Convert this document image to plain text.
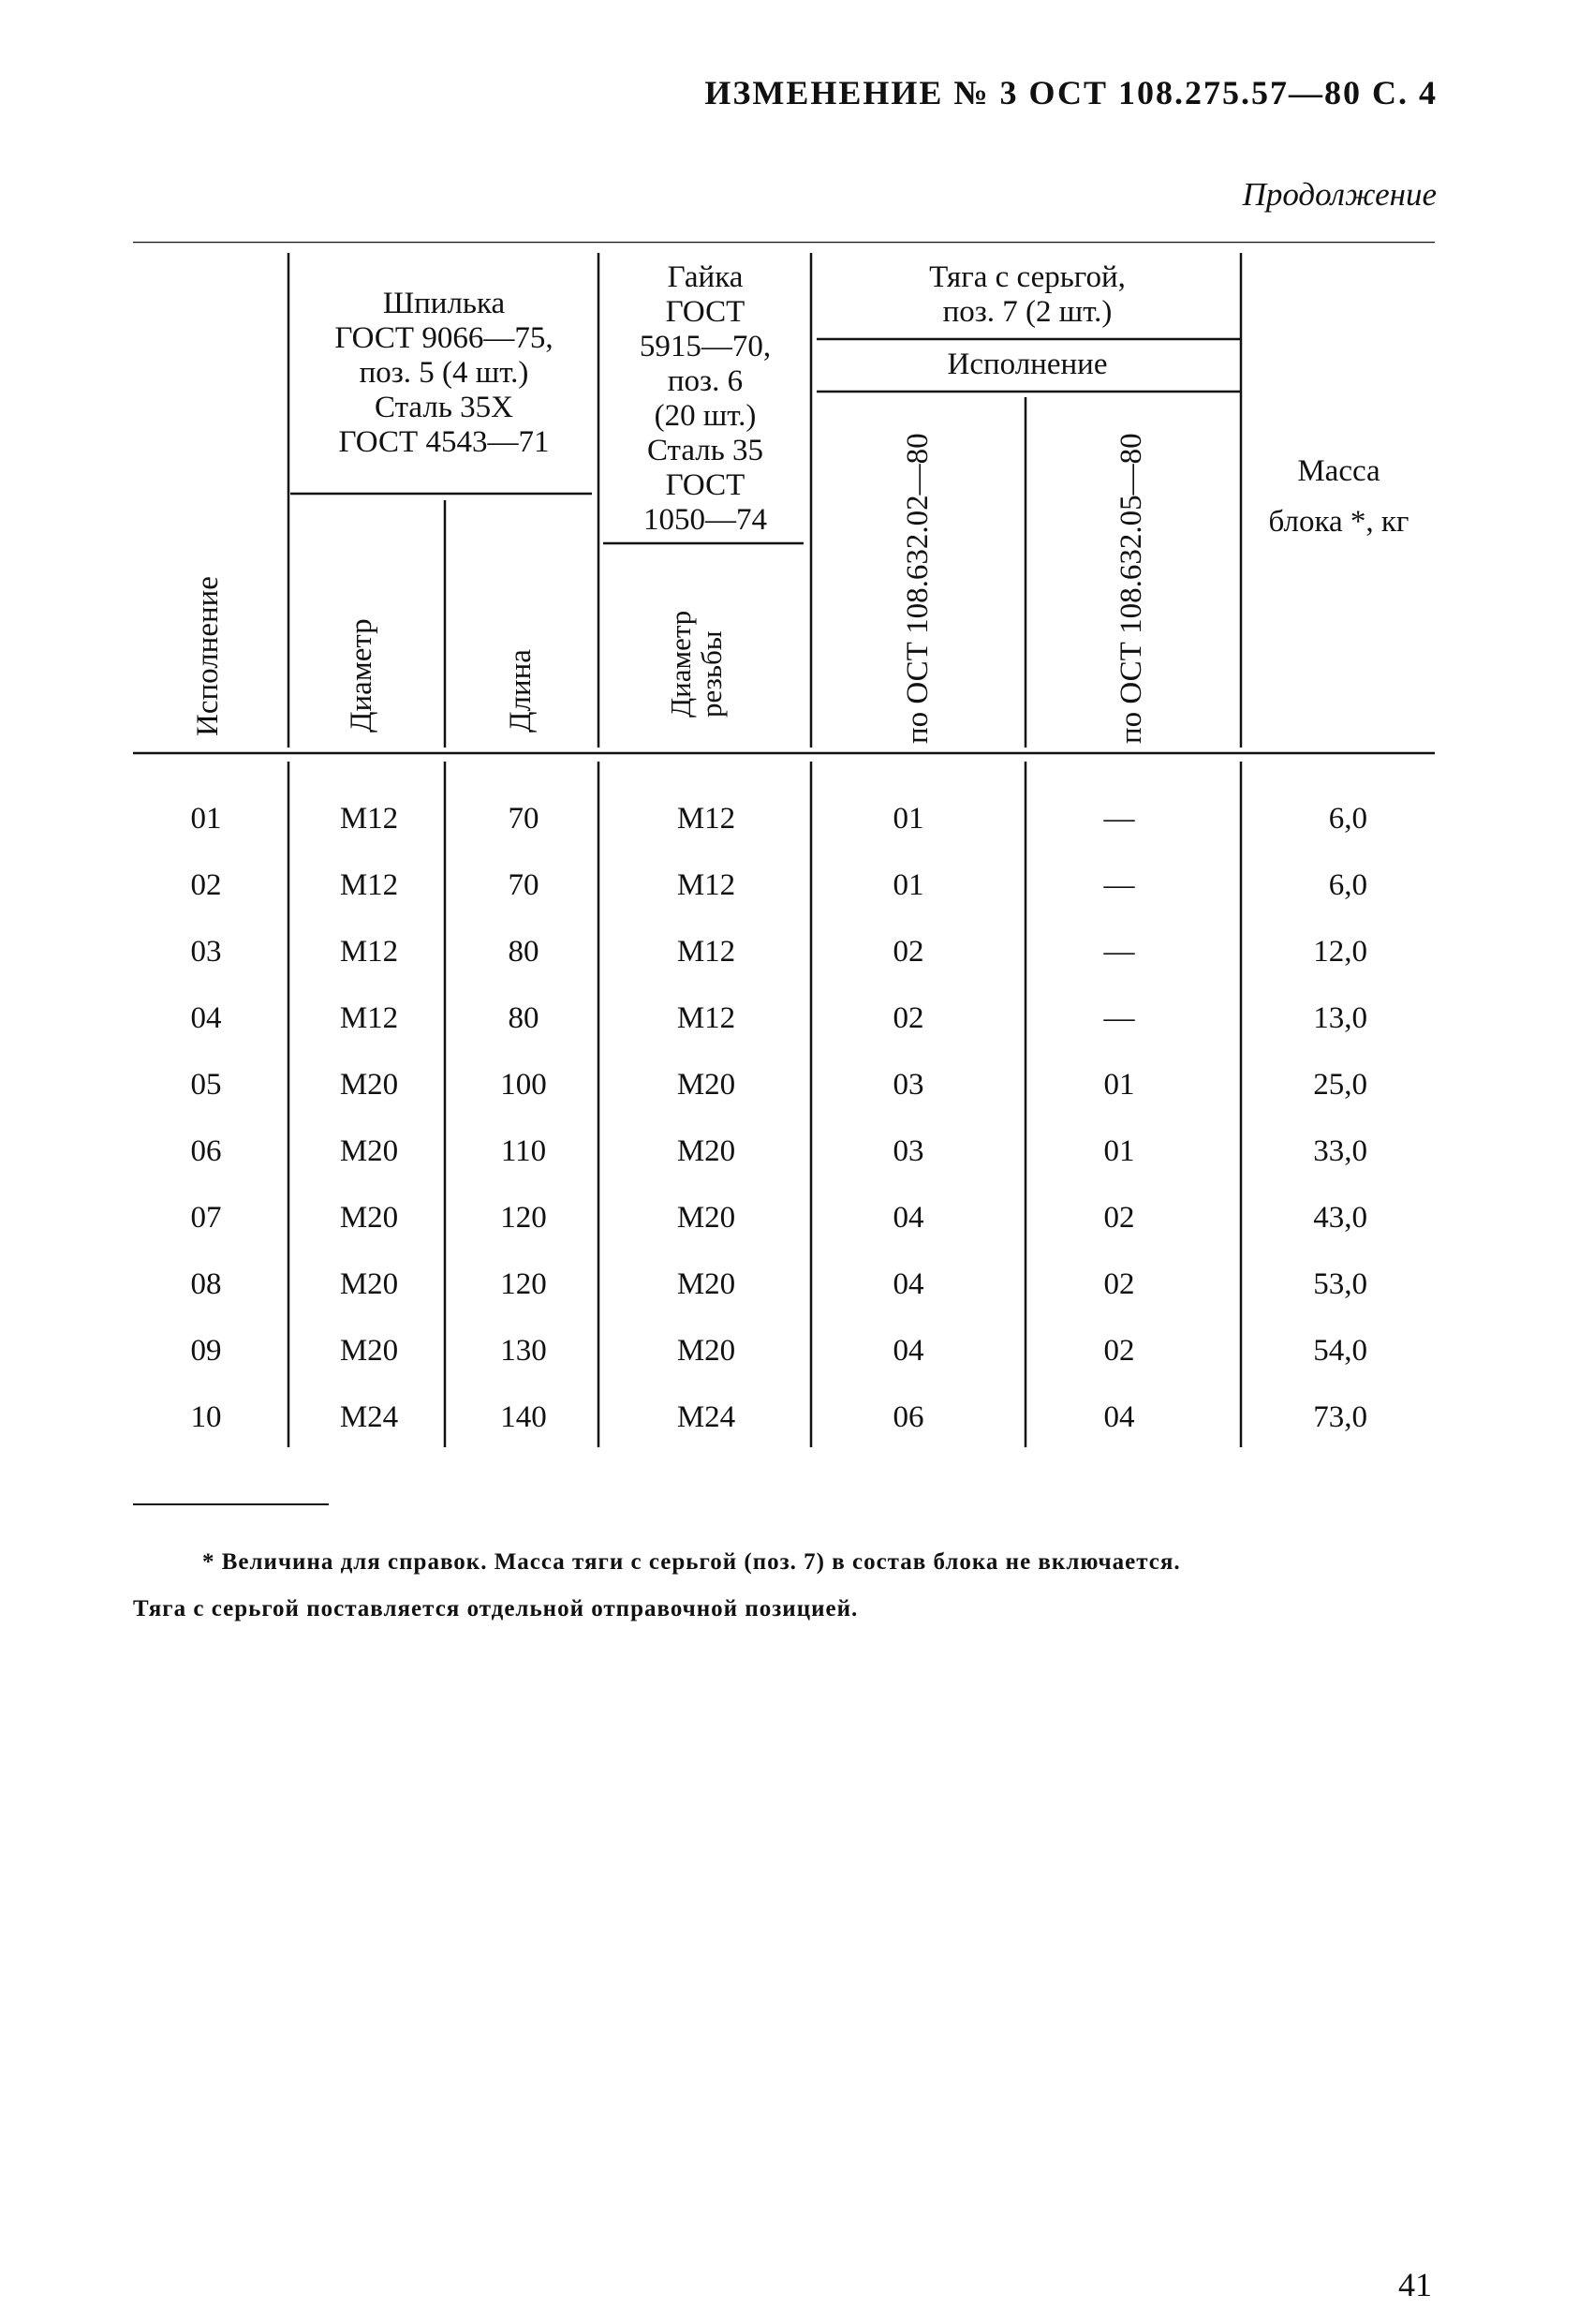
ИЗМЕНЕНИЕ № 3 ОСТ 108.275.57—80 С. 4
Продолжение
Исполнение
Шпилька
ГОСТ 9066—75,
поз. 5 (4 шт.)
Сталь 35Х
ГОСТ 4543—71
Диаметр	Длина
Гайка
ГОСТ
5915—70,
поз. 6
(20 шт.)
Сталь 35
ГОСТ
1050—74
Диаметр
резьбы
Тяга с серьгой,
поз. 7 (2 шт.)
Исполнение
по ОСТ 108.632.02—80	по ОСТ 108.632.05—80	Масса
блока *, кг
01	М12	70	М12	01	—	6,0
02	М12	70	М12	01	—	6,0
03	М12	80	М12	02	—	12,0
04	М12	80	М12	02	—	13,0
05	М20	100	М20	03	01	25,0
06	М20	110	М20	03	01	33,0
07	М20	120	М20	04	02	43,0
08	М20	120	М20	04	02	53,0
09	М20	130	М20	04	02	54,0
10	М24	140	М24	06	04	73,0
* Величина для справок. Масса тяги с серьгой (поз. 7) в состав блока не включается.
Тяга с серьгой поставляется отдельной отправочной позицией.
41
